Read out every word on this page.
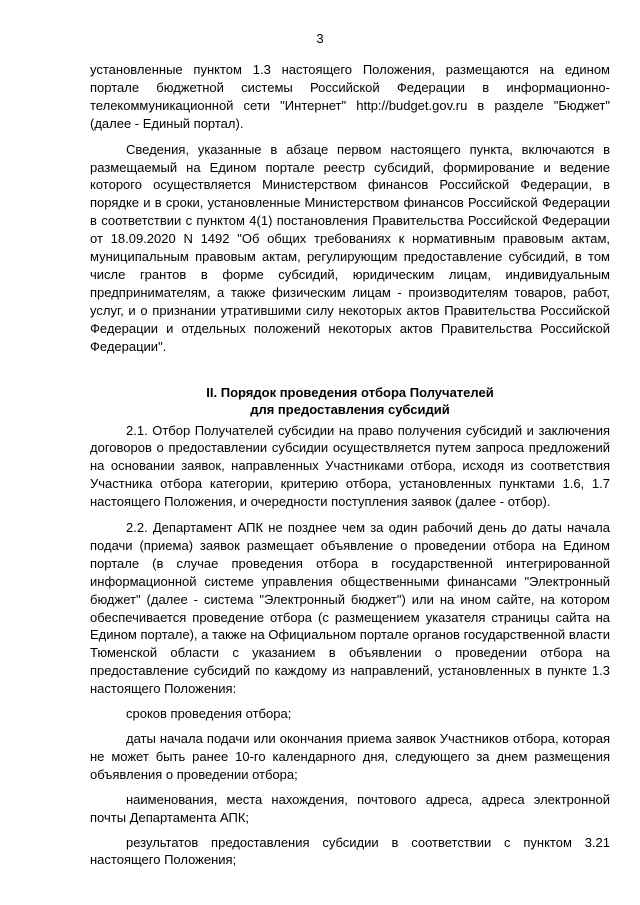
3

установленные пунктом 1.3 настоящего Положения, размещаются на едином портале бюджетной системы Российской Федерации в информационно-телекоммуникационной сети "Интернет" http://budget.gov.ru в разделе "Бюджет" (далее - Единый портал).

Сведения, указанные в абзаце первом настоящего пункта, включаются в размещаемый на Едином портале реестр субсидий, формирование и ведение которого осуществляется Министерством финансов Российской Федерации, в порядке и в сроки, установленные Министерством финансов Российской Федерации в соответствии с пунктом 4(1) постановления Правительства Российской Федерации от 18.09.2020 N 1492 "Об общих требованиях к нормативным правовым актам, муниципальным правовым актам, регулирующим предоставление субсидий, в том числе грантов в форме субсидий, юридическим лицам, индивидуальным предпринимателям, а также физическим лицам - производителям товаров, работ, услуг, и о признании утратившими силу некоторых актов Правительства Российской Федерации и отдельных положений некоторых актов Правительства Российской Федерации".

II. Порядок проведения отбора Получателей
для предоставления субсидий

2.1. Отбор Получателей субсидии на право получения субсидий и заключения договоров о предоставлении субсидии осуществляется путем запроса предложений на основании заявок, направленных Участниками отбора, исходя из соответствия Участника отбора категории, критерию отбора, установленных пунктами 1.6, 1.7 настоящего Положения, и очередности поступления заявок (далее - отбор).

2.2. Департамент АПК не позднее чем за один рабочий день до даты начала подачи (приема) заявок размещает объявление о проведении отбора на Едином портале (в случае проведения отбора в государственной интегрированной информационной системе управления общественными финансами "Электронный бюджет" (далее - система "Электронный бюджет") или на ином сайте, на котором обеспечивается проведение отбора (с размещением указателя страницы сайта на Едином портале), а также на Официальном портале органов государственной власти Тюменской области с указанием в объявлении о проведении отбора на предоставление субсидий по каждому из направлений, установленных в пункте 1.3 настоящего Положения:

сроков проведения отбора;

даты начала подачи или окончания приема заявок Участников отбора, которая не может быть ранее 10-го календарного дня, следующего за днем размещения объявления о проведении отбора;

наименования, места нахождения, почтового адреса, адреса электронной почты Департамента АПК;

результатов предоставления субсидии в соответствии с пунктом 3.21 настоящего Положения;
